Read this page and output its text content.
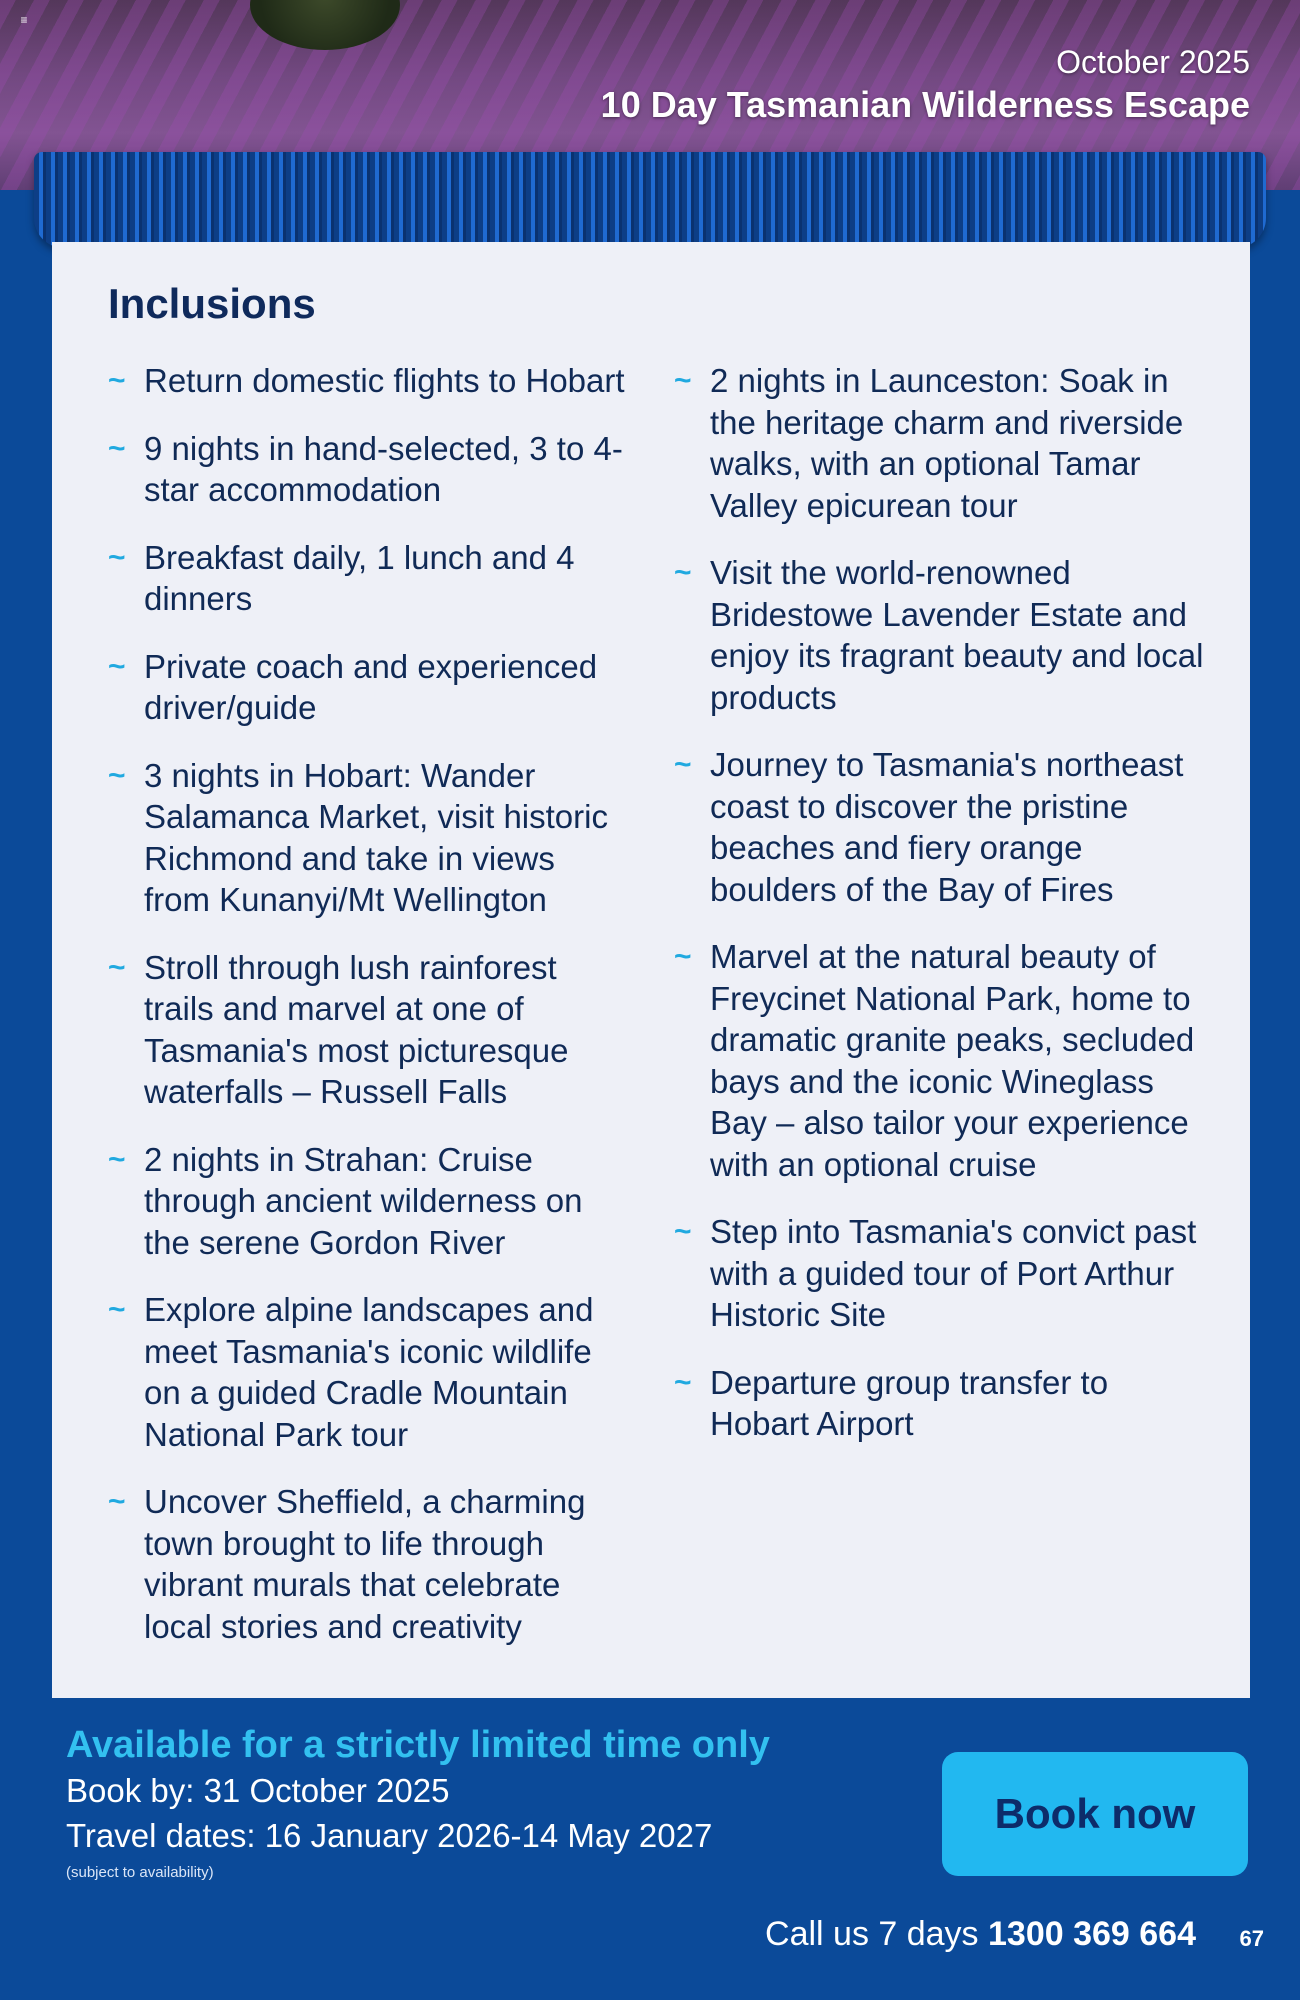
≡
October 2025
10 Day Tasmanian Wilderness Escape
Inclusions
~ Return domestic flights to Hobart
~ 9 nights in hand-selected, 3 to 4-star accommodation
~ Breakfast daily, 1 lunch and 4 dinners
~ Private coach and experienced driver/guide
~ 3 nights in Hobart: Wander Salamanca Market, visit historic Richmond and take in views from Kunanyi/Mt Wellington
~ Stroll through lush rainforest trails and marvel at one of Tasmania's most picturesque waterfalls – Russell Falls
~ 2 nights in Strahan: Cruise through ancient wilderness on the serene Gordon River
~ Explore alpine landscapes and meet Tasmania's iconic wildlife on a guided Cradle Mountain National Park tour
~ Uncover Sheffield, a charming town brought to life through vibrant murals that celebrate local stories and creativity
~ 2 nights in Launceston: Soak in the heritage charm and riverside walks, with an optional Tamar Valley epicurean tour
~ Visit the world-renowned Bridestowe Lavender Estate and enjoy its fragrant beauty and local products
~ Journey to Tasmania's northeast coast to discover the pristine beaches and fiery orange boulders of the Bay of Fires
~ Marvel at the natural beauty of Freycinet National Park, home to dramatic granite peaks, secluded bays and the iconic Wineglass Bay – also tailor your experience with an optional cruise
~ Step into Tasmania's convict past with a guided tour of Port Arthur Historic Site
~ Departure group transfer to Hobart Airport
Available for a strictly limited time only
Book by: 31 October 2025
Travel dates: 16 January 2026-14 May 2027
(subject to availability)
Book now
Call us 7 days 1300 369 664 67
